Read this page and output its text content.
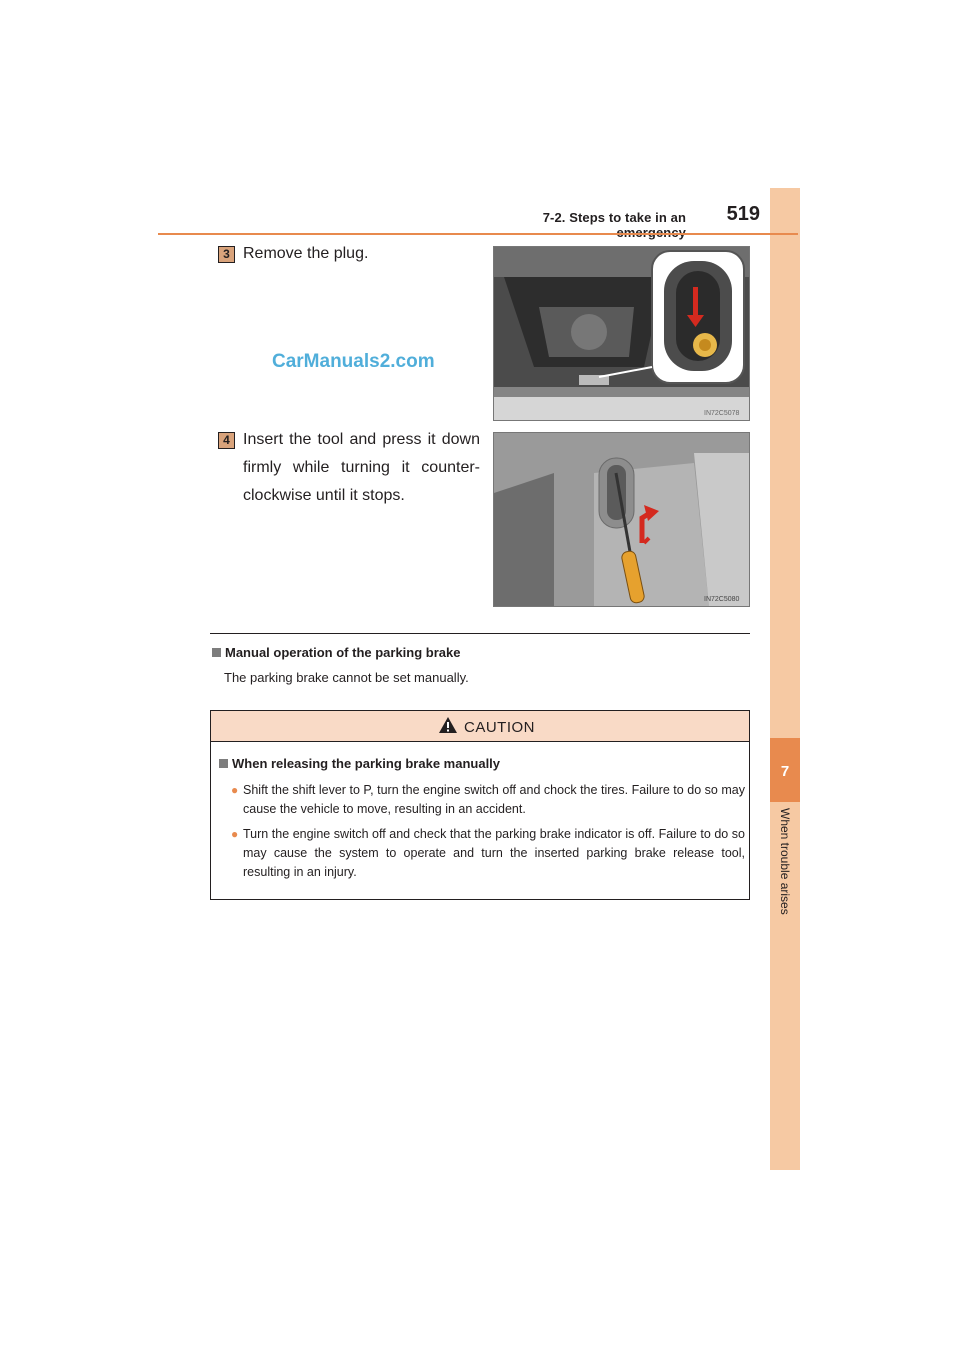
7
When trouble arises
7-2. Steps to take in an	519
3 Remove the plug.
IN72C5078
CarManuals2.com
4 Insert the tool and press it down firmly while turning it counter-clockwise until it stops.
IN72C5080
Manual operation of the parking brake
The parking brake cannot be set manually.
CAUTION
When releasing the parking brake manually
● Shift the shift lever to P, turn the engine switch off and chock the tires. Failure to do so may cause the vehicle to move, resulting in an accident.
● Turn the engine switch off and check that the parking brake indicator is off. Failure to do so may cause the system to operate and turn the inserted parking brake release tool, resulting in an injury.
